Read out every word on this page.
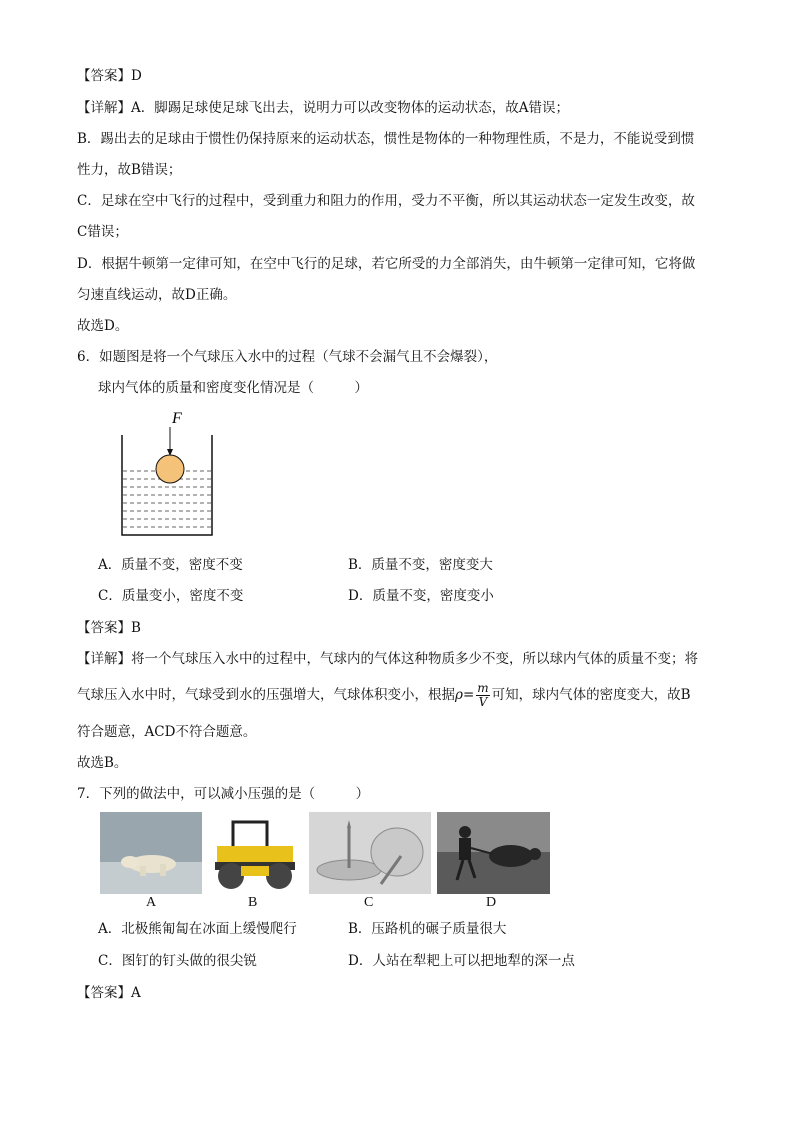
【答案】D
【详解】A．脚踢足球使足球飞出去，说明力可以改变物体的运动状态，故A错误；
B．踢出去的足球由于惯性仍保持原来的运动状态，惯性是物体的一种物理性质，不是力，不能说受到惯
性力，故B错误；
C．足球在空中飞行的过程中，受到重力和阻力的作用，受力不平衡，所以其运动状态一定发生改变，故
C错误；
D．根据牛顿第一定律可知，在空中飞行的足球，若它所受的力全部消失，由牛顿第一定律可知，它将做
匀速直线运动，故D正确。
故选D。
6．如题图是将一个气球压入水中的过程（气球不会漏气且不会爆裂），
球内气体的质量和密度变化情况是（　　　）
F
A．质量不变，密度不变	B．质量不变，密度变大
C．质量变小，密度不变	D．质量不变，密度变小
【答案】B
【详解】将一个气球压入水中的过程中，气球内的气体这种物质多少不变，所以球内气体的质量不变；将
气球压入水中时，气球受到水的压强增大，气球体积变小，根据$\rho= \frac{m}{V}$ 可知，球内气体的密度变大，故B
符合题意，ACD不符合题意。
故选B。
7．下列的做法中，可以减小压强的是（　　　）
A	B	C	D
A．北极熊匍匐在冰面上缓慢爬行	B．压路机的碾子质量很大
C．图钉的钉头做的很尖锐	D．人站在犁耙上可以把地犁的深一点
【答案】A
